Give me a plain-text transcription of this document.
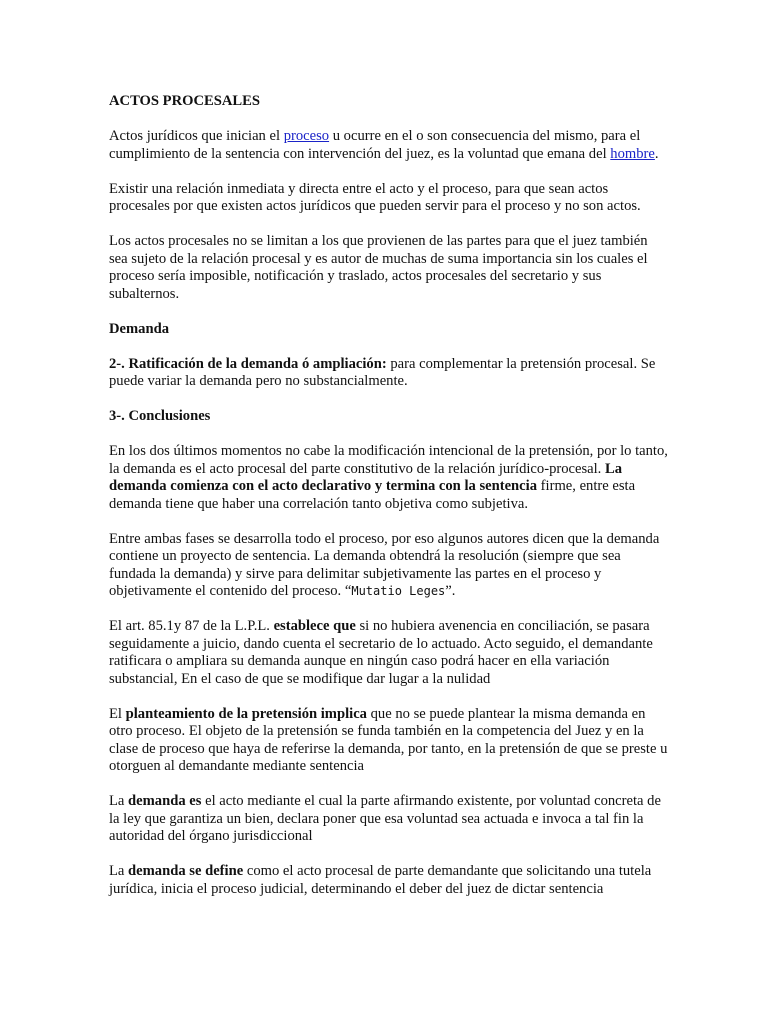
ACTOS PROCESALES

Actos jurídicos que inician el proceso u ocurre en el o son consecuencia del mismo, para el cumplimiento de la sentencia con intervención del juez, es la voluntad que emana del hombre.

Existir una relación inmediata y directa entre el acto y el proceso, para que sean actos procesales por que existen actos jurídicos que pueden servir para el proceso y no son actos.

Los actos procesales no se limitan a los que provienen de las partes para que el juez también sea sujeto de la relación procesal y es autor de muchas de suma importancia sin los cuales el proceso sería imposible, notificación y traslado, actos procesales del secretario y sus subalternos.

Demanda

2-. Ratificación de la demanda ó ampliación: para complementar la pretensión procesal. Se puede variar la demanda pero no substancialmente.

3-. Conclusiones

En los dos últimos momentos no cabe la modificación intencional de la pretensión, por lo tanto, la demanda es el acto procesal del parte constitutivo de la relación jurídico-procesal. La demanda comienza con el acto declarativo y termina con la sentencia firme, entre esta demanda tiene que haber una correlación tanto objetiva como subjetiva.

Entre ambas fases se desarrolla todo el proceso, por eso algunos autores dicen que la demanda contiene un proyecto de sentencia. La demanda obtendrá la resolución (siempre que sea fundada la demanda) y sirve para delimitar subjetivamente las partes en el proceso y objetivamente el contenido del proceso. “Mutatio Leges”.

El art. 85.1y 87 de la L.P.L. establece que si no hubiera avenencia en conciliación, se pasara seguidamente a juicio, dando cuenta el secretario de lo actuado. Acto seguido, el demandante ratificara o ampliara su demanda aunque en ningún caso podrá hacer en ella variación substancial, En el caso de que se modifique dar lugar a la nulidad

El planteamiento de la pretensión implica que no se puede plantear la misma demanda en otro proceso. El objeto de la pretensión se funda también en la competencia del Juez y en la clase de proceso que haya de referirse la demanda, por tanto, en la pretensión de que se preste u otorguen al demandante mediante sentencia

La demanda es el acto mediante el cual la parte afirmando existente, por voluntad concreta de la ley que garantiza un bien, declara poner que esa voluntad sea actuada e invoca a tal fin la autoridad del órgano jurisdiccional

La demanda se define como el acto procesal de parte demandante que solicitando una tutela jurídica, inicia el proceso judicial, determinando el deber del juez de dictar sentencia
